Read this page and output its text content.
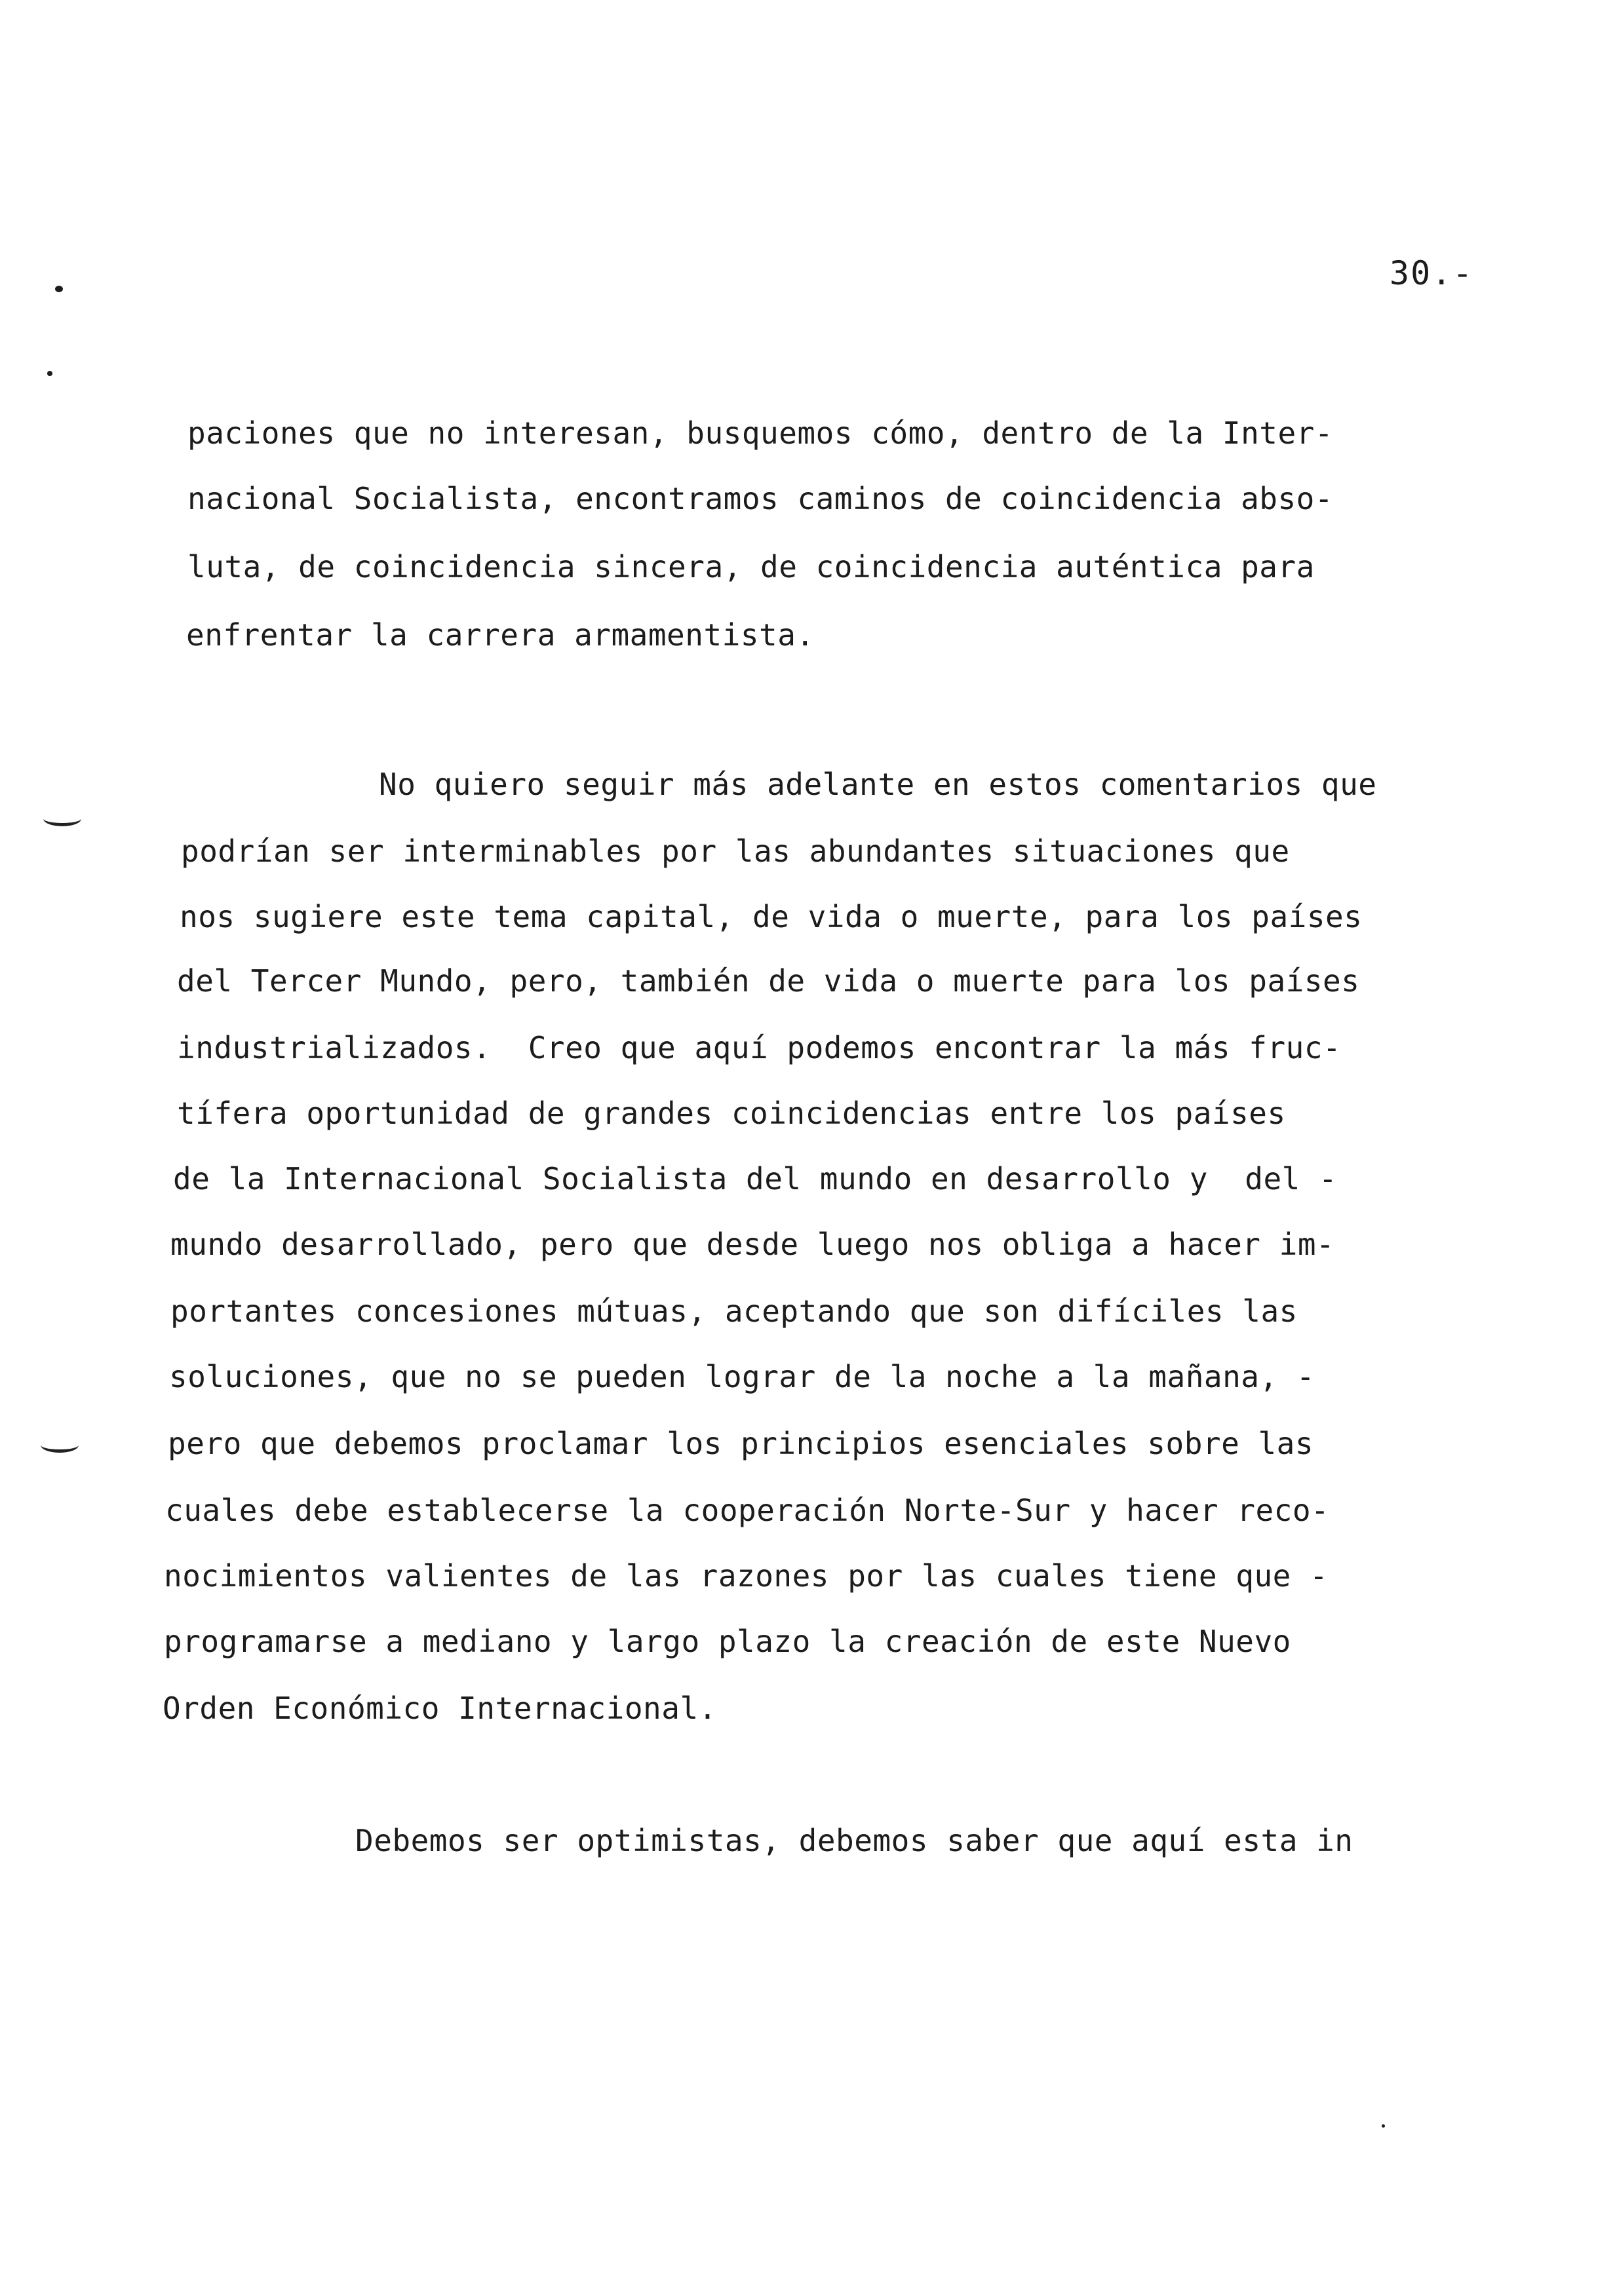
30.-
paciones que no interesan, busquemos cómo, dentro de la Inter-
nacional Socialista, encontramos caminos de coincidencia abso-
luta, de coincidencia sincera, de coincidencia auténtica para
enfrentar la carrera armamentista.
No quiero seguir más adelante en estos comentarios que
podrían ser interminables por las abundantes situaciones que
nos sugiere este tema capital, de vida o muerte, para los países
del Tercer Mundo, pero, también de vida o muerte para los países
industrializados.  Creo que aquí podemos encontrar la más fruc-
tífera oportunidad de grandes coincidencias entre los países
de la Internacional Socialista del mundo en desarrollo y  del -
mundo desarrollado, pero que desde luego nos obliga a hacer im-
portantes concesiones mútuas, aceptando que son difíciles las
soluciones, que no se pueden lograr de la noche a la mañana, -
pero que debemos proclamar los principios esenciales sobre las
cuales debe establecerse la cooperación Norte-Sur y hacer reco-
nocimientos valientes de las razones por las cuales tiene que -
programarse a mediano y largo plazo la creación de este Nuevo
Orden Económico Internacional.
Debemos ser optimistas, debemos saber que aquí esta in
